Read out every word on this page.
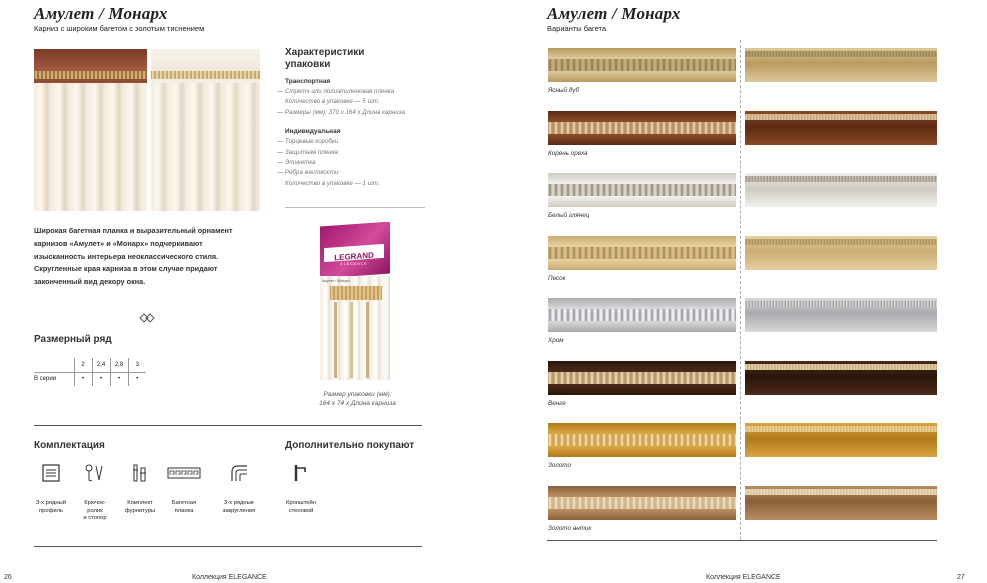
Амулет / Монарх
Карниз с широким багетом с золотым тиснением
Широкая багетная планка и выразительный орнамент карнизов «Амулет» и «Монарх» подчеркивают изысканность интерьера неоклассического стиля. Скругленные края карниза в этом случае придают законченный вид декору окна.
Характеристики упаковки
Транспортная
— Стретч или полиэтиленовая пленка
Количество в упаковке — 5 шт.
— Размеры (мм): 370 x 164 x Длина карниза
Индивидуальная
— Торцевые коробки
— Защитная пленка
— Этикетка
— Ребра жесткости
Количество в упаковке — 1 шт.
LEGRAND
ELEGANCE
Амулет / Монарх
Размер упаковки (мм):
164 x 74 x Длина карниза
Размерный ряд
	2	2,4	2,8	3
В серии	•	•	•	•
Комплектация	Дополнительно покупают
3-х рядный
профиль
Крючок-
ролик
и стопор
Комплект
фурнитуры
Багетная
планка
3-х рядные
закругления
Кронштейн
стеновой
26	Коллекция ELEGANCE
Амулет / Монарх
Варианты багета
Ясный дуб
Корень ореха
Белый глянец
Песок
Хром
Венге
Золото
Золото антик
Коллекция ELEGANCE	27
